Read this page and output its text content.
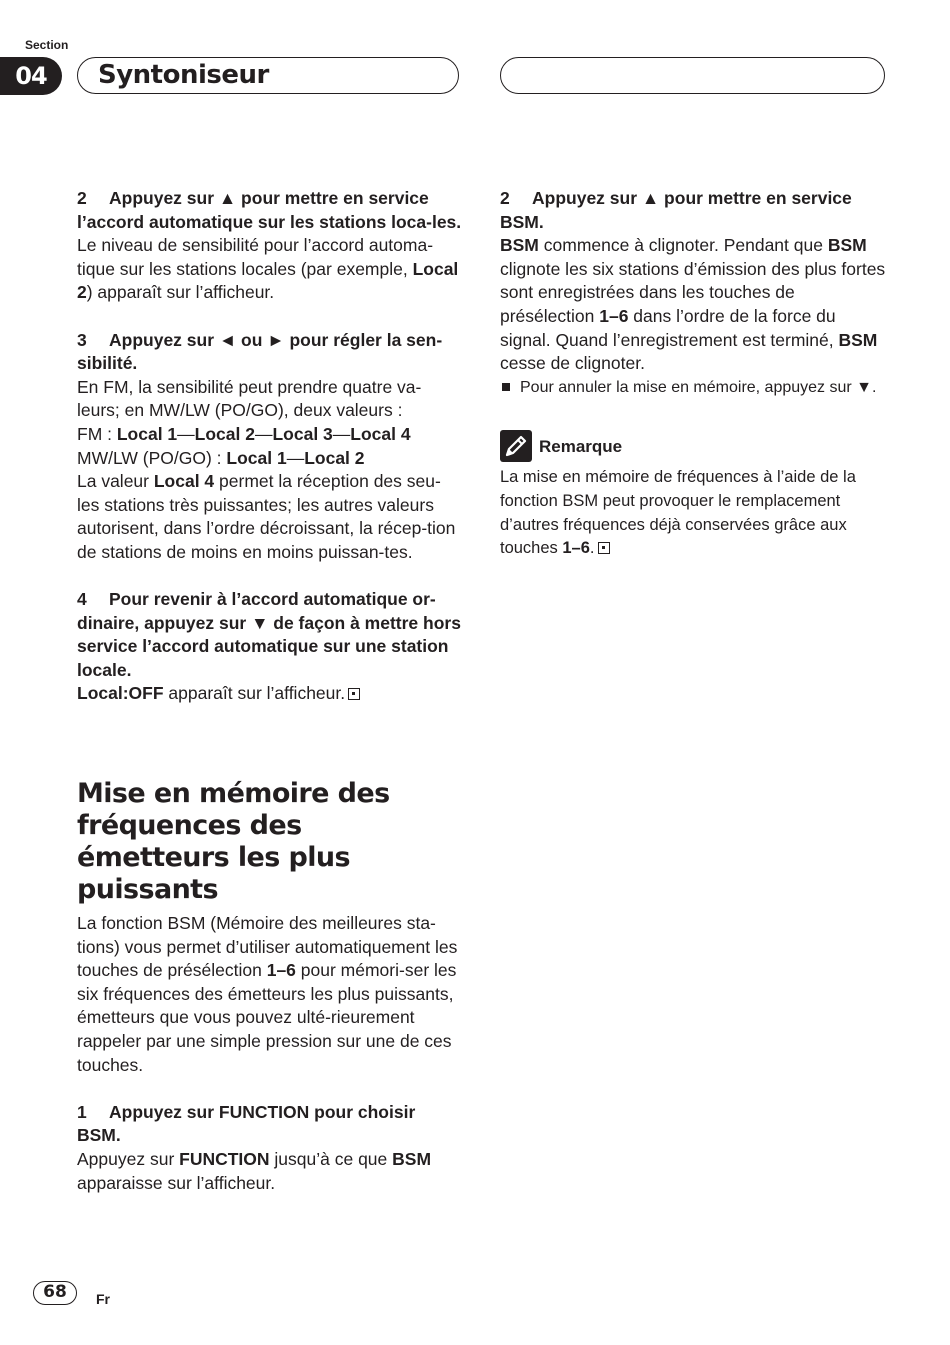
Section
04	Syntoniseur

2 Appuyez sur ▲ pour mettre en service l’accord automatique sur les stations loca-les.

Le niveau de sensibilité pour l’accord automa-tique sur les stations locales (par exemple, Local 2) apparaît sur l’afficheur.

3 Appuyez sur ◄ ou ► pour régler la sen-sibilité.

En FM, la sensibilité peut prendre quatre va-leurs; en MW/LW (PO/GO), deux valeurs :

FM : Local 1—Local 2—Local 3—Local 4

MW/LW (PO/GO) : Local 1—Local 2

La valeur Local 4 permet la réception des seu-les stations très puissantes; les autres valeurs autorisent, dans l’ordre décroissant, la récep-tion de stations de moins en moins puissan-tes.

4 Pour revenir à l’accord automatique or-dinaire, appuyez sur ▼ de façon à mettre hors service l’accord automatique sur une station locale.

Local:OFF apparaît sur l’afficheur.

Mise en mémoire des fréquences des émetteurs les plus puissants

La fonction BSM (Mémoire des meilleures sta-tions) vous permet d’utiliser automatiquement les touches de présélection 1–6 pour mémori-ser les six fréquences des émetteurs les plus puissants, émetteurs que vous pouvez ulté-rieurement rappeler par une simple pression sur une de ces touches.

1 Appuyez sur FUNCTION pour choisir BSM.

Appuyez sur FUNCTION jusqu’à ce que BSM apparaisse sur l’afficheur.

2 Appuyez sur ▲ pour mettre en service BSM.

BSM commence à clignoter. Pendant que BSM clignote les six stations d’émission des plus fortes sont enregistrées dans les touches de présélection 1–6 dans l’ordre de la force du signal. Quand l’enregistrement est terminé, BSM cesse de clignoter.

Pour annuler la mise en mémoire, appuyez sur ▼.

Remarque

La mise en mémoire de fréquences à l’aide de la fonction BSM peut provoquer le remplacement d’autres fréquences déjà conservées grâce aux touches 1–6.

68	Fr
